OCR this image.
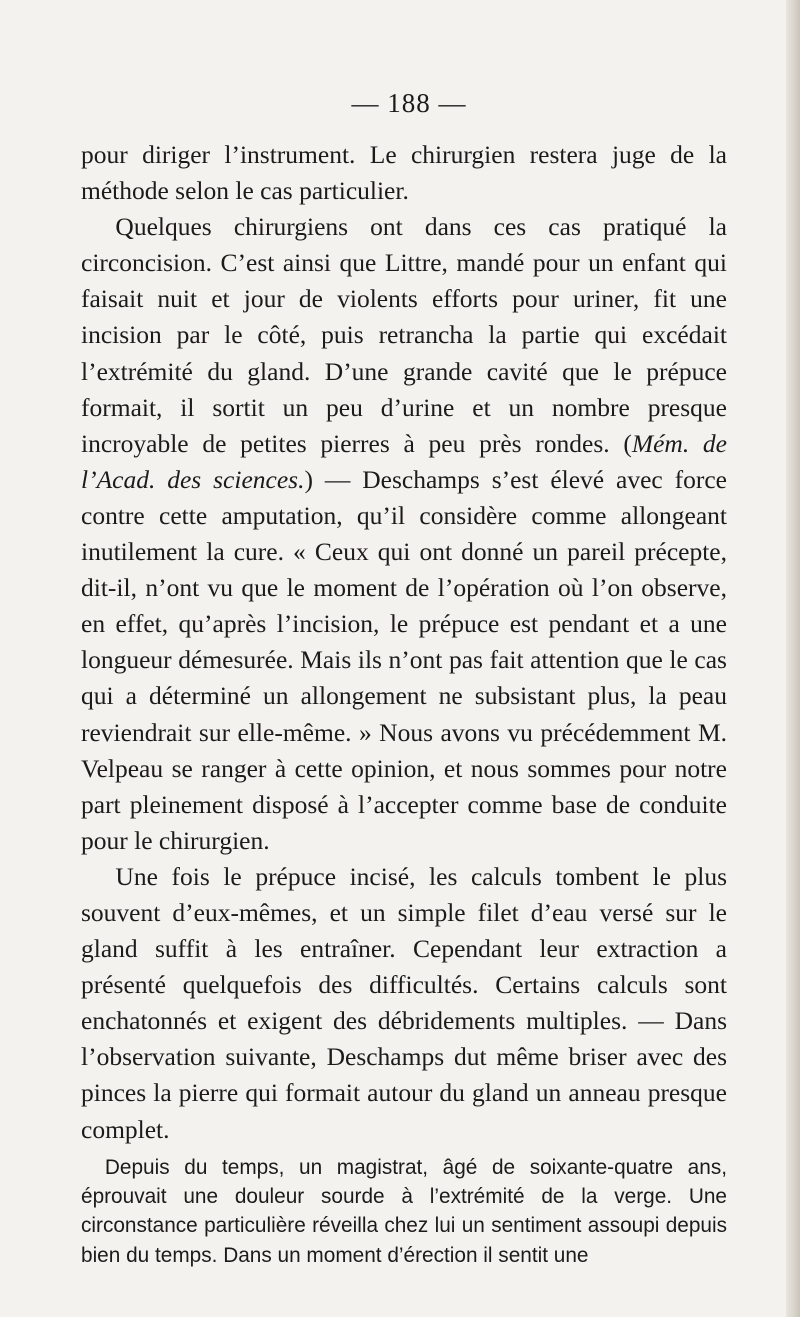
— 188 —

pour diriger l’instrument. Le chirurgien restera juge de la méthode selon le cas particulier.

Quelques chirurgiens ont dans ces cas pratiqué la circoncision. C’est ainsi que Littre, mandé pour un enfant qui faisait nuit et jour de violents efforts pour uriner, fit une incision par le côté, puis retrancha la partie qui excédait l’extrémité du gland. D’une grande cavité que le prépuce formait, il sortit un peu d’urine et un nombre presque incroyable de petites pierres à peu près rondes. (Mém. de l’Acad. des sciences.) — Deschamps s’est élevé avec force contre cette amputation, qu’il considère comme allongeant inutilement la cure. « Ceux qui ont donné un pareil précepte, dit-il, n’ont vu que le moment de l’opération où l’on observe, en effet, qu’après l’incision, le prépuce est pendant et a une longueur démesurée. Mais ils n’ont pas fait attention que le cas qui a déterminé un allongement ne subsistant plus, la peau reviendrait sur elle-même. » Nous avons vu précédemment M. Velpeau se ranger à cette opinion, et nous sommes pour notre part pleinement disposé à l’accepter comme base de conduite pour le chirurgien.

Une fois le prépuce incisé, les calculs tombent le plus souvent d’eux-mêmes, et un simple filet d’eau versé sur le gland suffit à les entraîner. Cependant leur extraction a présenté quelquefois des difficultés. Certains calculs sont enchatonnés et exigent des débridements multiples. — Dans l’observation suivante, Deschamps dut même briser avec des pinces la pierre qui formait autour du gland un anneau presque complet.

Depuis du temps, un magistrat, âgé de soixante-quatre ans, éprouvait une douleur sourde à l’extrémité de la verge. Une circonstance particulière réveilla chez lui un sentiment assoupi depuis bien du temps. Dans un moment d’érection il sentit une
